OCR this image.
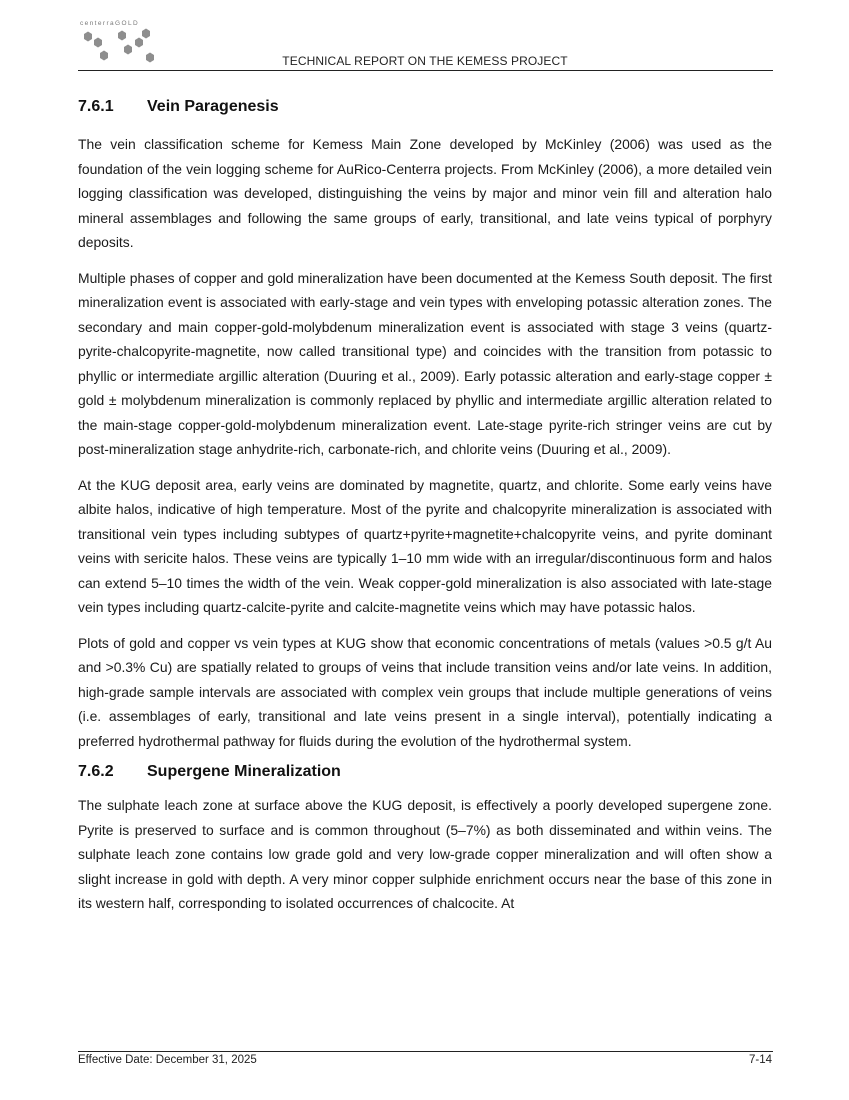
centerraGOLD
TECHNICAL REPORT ON THE KEMESS PROJECT
7.6.1	Vein Paragenesis

The vein classification scheme for Kemess Main Zone developed by McKinley (2006) was used as the foundation of the vein logging scheme for AuRico-Centerra projects. From McKinley (2006), a more detailed vein logging classification was developed, distinguishing the veins by major and minor vein fill and alteration halo mineral assemblages and following the same groups of early, transitional, and late veins typical of porphyry deposits.

Multiple phases of copper and gold mineralization have been documented at the Kemess South deposit. The first mineralization event is associated with early-stage and vein types with enveloping potassic alteration zones. The secondary and main copper-gold-molybdenum mineralization event is associated with stage 3 veins (quartz-pyrite-chalcopyrite-magnetite, now called transitional type) and coincides with the transition from potassic to phyllic or intermediate argillic alteration (Duuring et al., 2009). Early potassic alteration and early-stage copper ± gold ± molybdenum mineralization is commonly replaced by phyllic and intermediate argillic alteration related to the main-stage copper-gold-molybdenum mineralization event. Late-stage pyrite-rich stringer veins are cut by post-mineralization stage anhydrite-rich, carbonate-rich, and chlorite veins (Duuring et al., 2009).

At the KUG deposit area, early veins are dominated by magnetite, quartz, and chlorite. Some early veins have albite halos, indicative of high temperature. Most of the pyrite and chalcopyrite mineralization is associated with transitional vein types including subtypes of quartz+pyrite+magnetite+chalcopyrite veins, and pyrite dominant veins with sericite halos. These veins are typically 1–10 mm wide with an irregular/discontinuous form and halos can extend 5–10 times the width of the vein. Weak copper-gold mineralization is also associated with late-stage vein types including quartz-calcite-pyrite and calcite-magnetite veins which may have potassic halos.

Plots of gold and copper vs vein types at KUG show that economic concentrations of metals (values >0.5 g/t Au and >0.3% Cu) are spatially related to groups of veins that include transition veins and/or late veins. In addition, high-grade sample intervals are associated with complex vein groups that include multiple generations of veins (i.e. assemblages of early, transitional and late veins present in a single interval), potentially indicating a preferred hydrothermal pathway for fluids during the evolution of the hydrothermal system.

7.6.2	Supergene Mineralization

The sulphate leach zone at surface above the KUG deposit, is effectively a poorly developed supergene zone. Pyrite is preserved to surface and is common throughout (5–7%) as both disseminated and within veins. The sulphate leach zone contains low grade gold and very low-grade copper mineralization and will often show a slight increase in gold with depth. A very minor copper sulphide enrichment occurs near the base of this zone in its western half, corresponding to isolated occurrences of chalcocite. At

Effective Date: December 31, 2025	7-14
